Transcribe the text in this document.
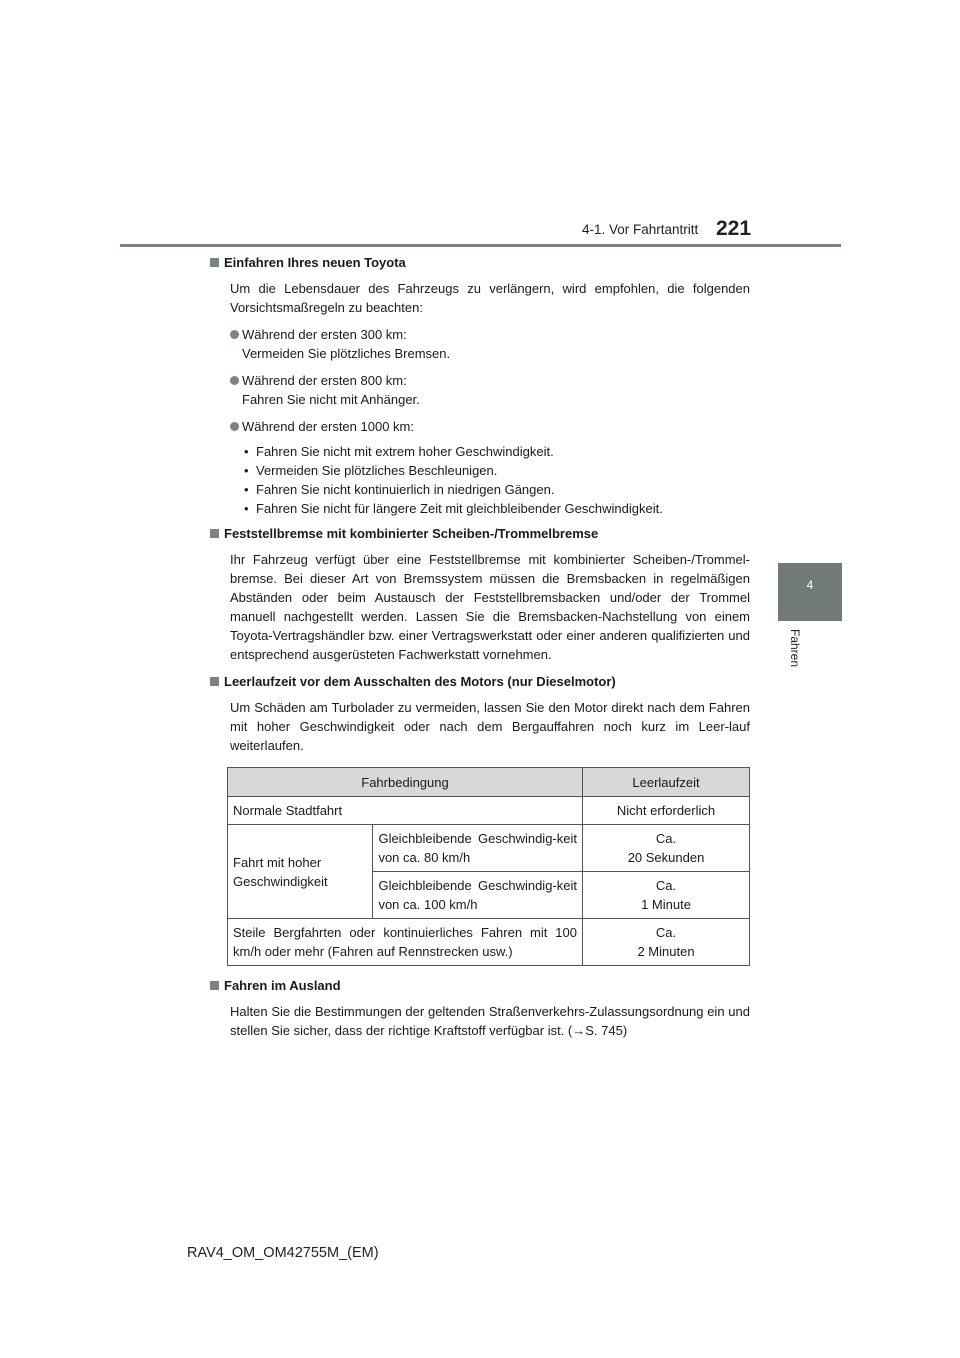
4-1. Vor Fahrtantritt 221
4
Fahren
Einfahren Ihres neuen Toyota

Um die Lebensdauer des Fahrzeugs zu verlängern, wird empfohlen, die folgenden Vorsichtsmaßregeln zu beachten:

Während der ersten 300 km:
Vermeiden Sie plötzliches Bremsen.
Während der ersten 800 km:
Fahren Sie nicht mit Anhänger.
Während der ersten 1000 km:
• Fahren Sie nicht mit extrem hoher Geschwindigkeit.
• Vermeiden Sie plötzliches Beschleunigen.
• Fahren Sie nicht kontinuierlich in niedrigen Gängen.
• Fahren Sie nicht für längere Zeit mit gleichbleibender Geschwindigkeit.
Feststellbremse mit kombinierter Scheiben-/Trommelbremse

Ihr Fahrzeug verfügt über eine Feststellbremse mit kombinierter Scheiben-/Trommel-bremse. Bei dieser Art von Bremssystem müssen die Bremsbacken in regelmäßigen Abständen oder beim Austausch der Feststellbremsbacken und/oder der Trommel manuell nachgestellt werden. Lassen Sie die Bremsbacken-Nachstellung von einem Toyota-Vertragshändler bzw. einer Vertragswerkstatt oder einer anderen qualifizierten und entsprechend ausgerüsteten Fachwerkstatt vornehmen.

Leerlaufzeit vor dem Ausschalten des Motors (nur Dieselmotor)

Um Schäden am Turbolader zu vermeiden, lassen Sie den Motor direkt nach dem Fahren mit hoher Geschwindigkeit oder nach dem Bergauffahren noch kurz im Leer-lauf weiterlaufen.

Fahrbedingung		Leerlaufzeit
Normale Stadtfahrt		Nicht erforderlich
Fahrt mit hoher Geschwindigkeit	Gleichbleibende Geschwindig-keit von ca. 80 km/h	Ca.
20 Sekunden

	Gleichbleibende Geschwindig-keit von ca. 100 km/h	Ca.
1 Minute

Steile Bergfahrten oder kontinuierliches Fahren mit 100 km/h oder mehr (Fahren auf Rennstrecken usw.)		Ca.
2 Minuten
Fahren im Ausland

Halten Sie die Bestimmungen der geltenden Straßenverkehrs-Zulassungsordnung ein und stellen Sie sicher, dass der richtige Kraftstoff verfügbar ist. (→S. 745)

RAV4_OM_OM42755M_(EM)
